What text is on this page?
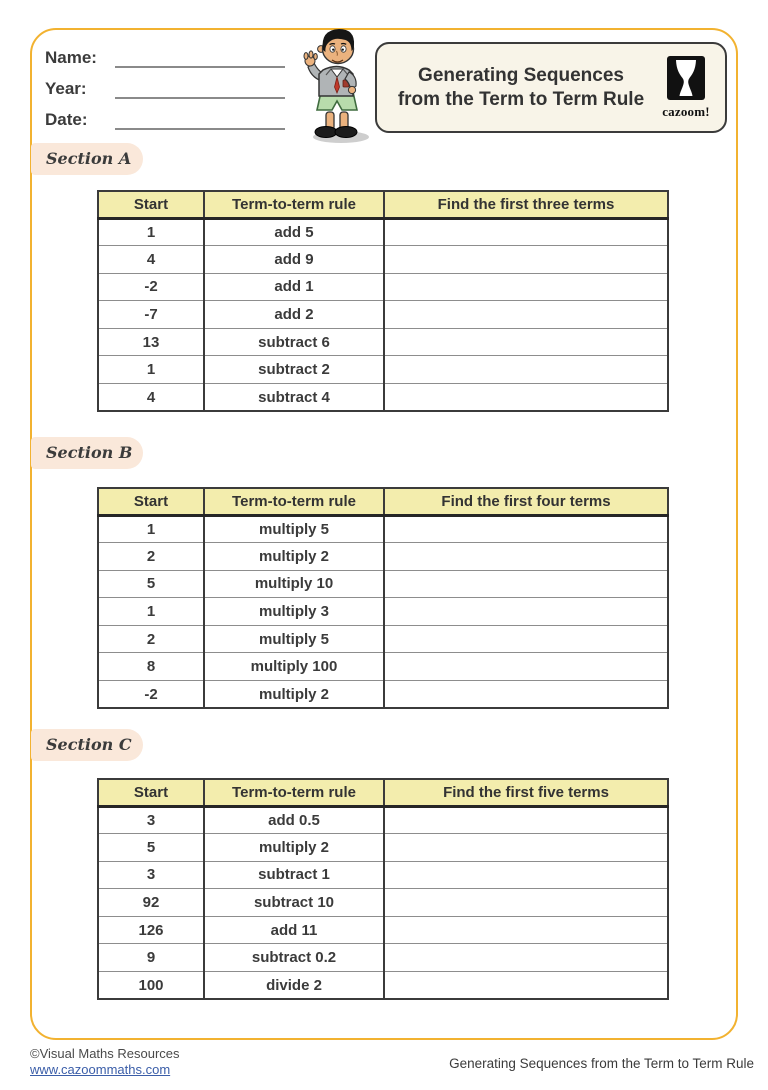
Name:
Year:
Date:
Generating Sequences
from the Term to Term Rule
cazoom!
Section A
Start	Term-to-term rule	Find the first three terms
1	add 5	
4	add 9	
-2	add 1	
-7	add 2	
13	subtract 6	
1	subtract 2	
4	subtract 4	
Section B
Start	Term-to-term rule	Find the first four terms
1	multiply 5	
2	multiply 2	
5	multiply 10	
1	multiply 3	
2	multiply 5	
8	multiply 100	
-2	multiply 2	
Section C
Start	Term-to-term rule	Find the first five terms
3	add 0.5	
5	multiply 2	
3	subtract 1	
92	subtract 10	
126	add 11	
9	subtract 0.2	
100	divide 2	
©Visual Maths Resources
www.cazoommaths.com	Generating Sequences from the Term to Term Rule
